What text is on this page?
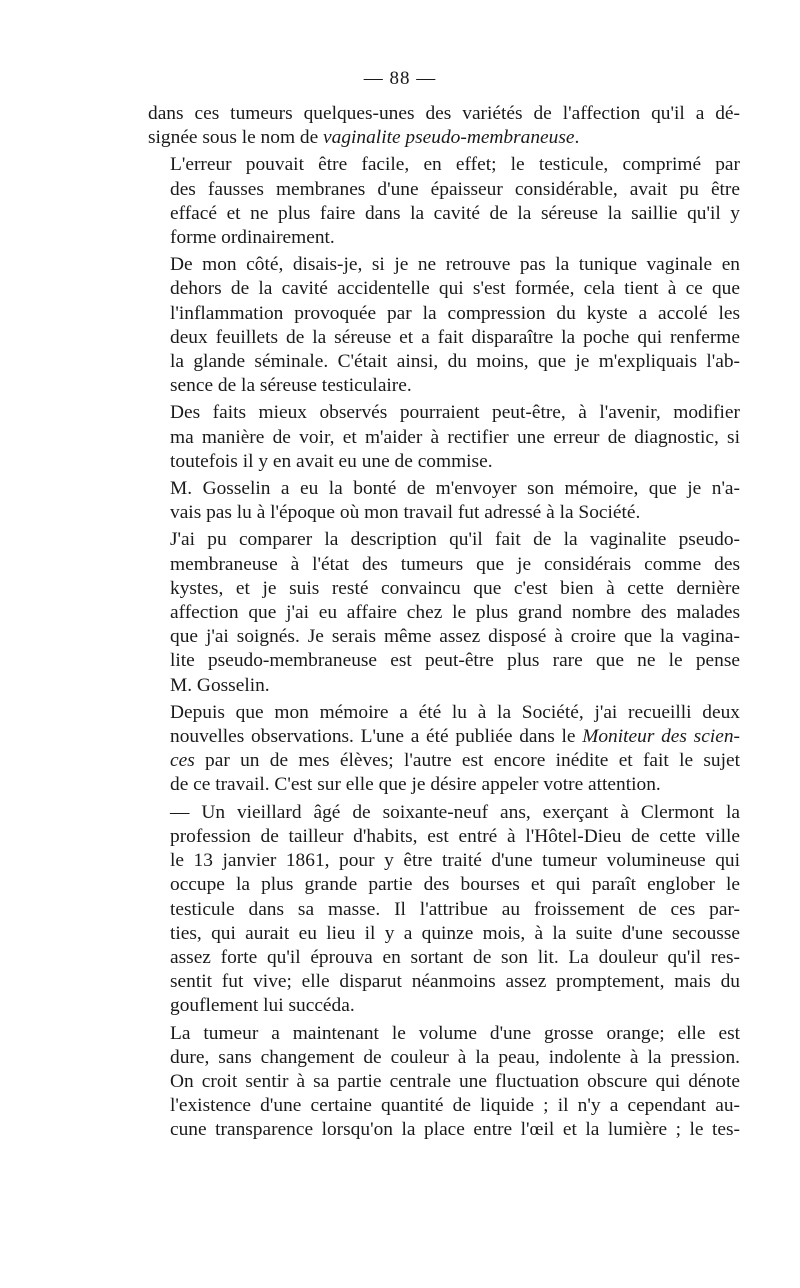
— 88 —

dans ces tumeurs quelques-unes des variétés de l'affection qu'il a dé-
signée sous le nom de vaginalite pseudo-membraneuse.

L'erreur pouvait être facile, en effet; le testicule, comprimé par
des fausses membranes d'une épaisseur considérable, avait pu être
effacé et ne plus faire dans la cavité de la séreuse la saillie qu'il y
forme ordinairement.

De mon côté, disais-je, si je ne retrouve pas la tunique vaginale en
dehors de la cavité accidentelle qui s'est formée, cela tient à ce que
l'inflammation provoquée par la compression du kyste a accolé les
deux feuillets de la séreuse et a fait disparaître la poche qui renferme
la glande séminale. C'était ainsi, du moins, que je m'expliquais l'ab-
sence de la séreuse testiculaire.

Des faits mieux observés pourraient peut-être, à l'avenir, modifier
ma manière de voir, et m'aider à rectifier une erreur de diagnostic, si
toutefois il y en avait eu une de commise.

M. Gosselin a eu la bonté de m'envoyer son mémoire, que je n'a-
vais pas lu à l'époque où mon travail fut adressé à la Société.

J'ai pu comparer la description qu'il fait de la vaginalite pseudo-
membraneuse à l'état des tumeurs que je considérais comme des
kystes, et je suis resté convaincu que c'est bien à cette dernière
affection que j'ai eu affaire chez le plus grand nombre des malades
que j'ai soignés. Je serais même assez disposé à croire que la vagina-
lite pseudo-membraneuse est peut-être plus rare que ne le pense
M. Gosselin.

Depuis que mon mémoire a été lu à la Société, j'ai recueilli deux
nouvelles observations. L'une a été publiée dans le Moniteur des scien-
ces par un de mes élèves; l'autre est encore inédite et fait le sujet
de ce travail. C'est sur elle que je désire appeler votre attention.

— Un vieillard âgé de soixante-neuf ans, exerçant à Clermont la
profession de tailleur d'habits, est entré à l'Hôtel-Dieu de cette ville
le 13 janvier 1861, pour y être traité d'une tumeur volumineuse qui
occupe la plus grande partie des bourses et qui paraît englober le
testicule dans sa masse. Il l'attribue au froissement de ces par-
ties, qui aurait eu lieu il y a quinze mois, à la suite d'une secousse
assez forte qu'il éprouva en sortant de son lit. La douleur qu'il res-
sentit fut vive; elle disparut néanmoins assez promptement, mais du
gouflement lui succéda.

La tumeur a maintenant le volume d'une grosse orange; elle est
dure, sans changement de couleur à la peau, indolente à la pression.
On croit sentir à sa partie centrale une fluctuation obscure qui dénote
l'existence d'une certaine quantité de liquide ; il n'y a cependant au-
cune transparence lorsqu'on la place entre l'œil et la lumière ; le tes-
